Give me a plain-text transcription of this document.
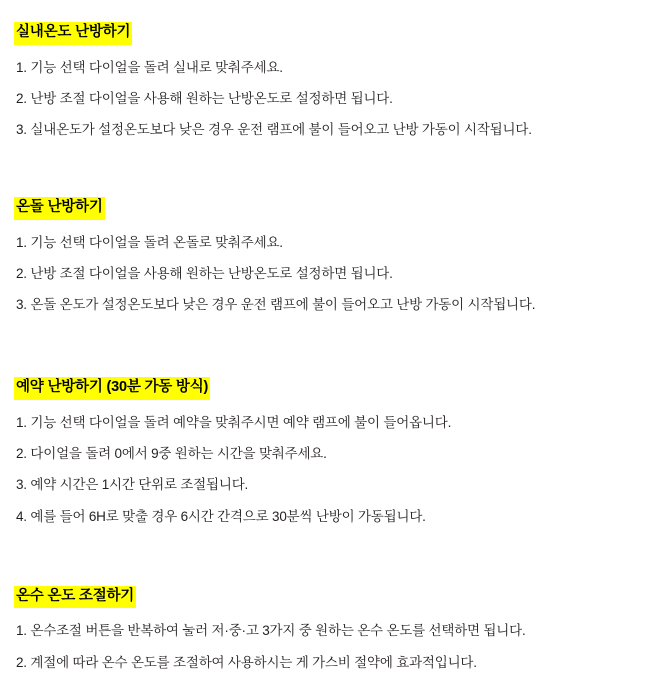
실내온도 난방하기

1. 기능 선택 다이얼을 돌려 실내로 맞춰주세요.

2. 난방 조절 다이얼을 사용해 원하는 난방온도로 설정하면 됩니다.

3. 실내온도가 설정온도보다 낮은 경우 운전 램프에 불이 들어오고 난방 가동이 시작됩니다.

온돌 난방하기

1. 기능 선택 다이얼을 돌려 온돌로 맞춰주세요.

2. 난방 조절 다이얼을 사용해 원하는 난방온도로 설정하면 됩니다.

3. 온돌 온도가 설정온도보다 낮은 경우 운전 램프에 불이 들어오고 난방 가동이 시작됩니다.

예약 난방하기 (30분 가동 방식)

1. 기능 선택 다이얼을 돌려 예약을 맞춰주시면 예약 램프에 불이 들어옵니다.

2. 다이얼을 돌려 0에서 9중 원하는 시간을 맞춰주세요.

3. 예약 시간은 1시간 단위로 조절됩니다.

4. 예를 들어 6H로 맞출 경우 6시간 간격으로 30분씩 난방이 가동됩니다.

온수 온도 조절하기

1. 온수조절 버튼을 반복하여 눌러 저·중·고 3가지 중 원하는 온수 온도를 선택하면 됩니다.

2. 계절에 따라 온수 온도를 조절하여 사용하시는 게 가스비 절약에 효과적입니다.
